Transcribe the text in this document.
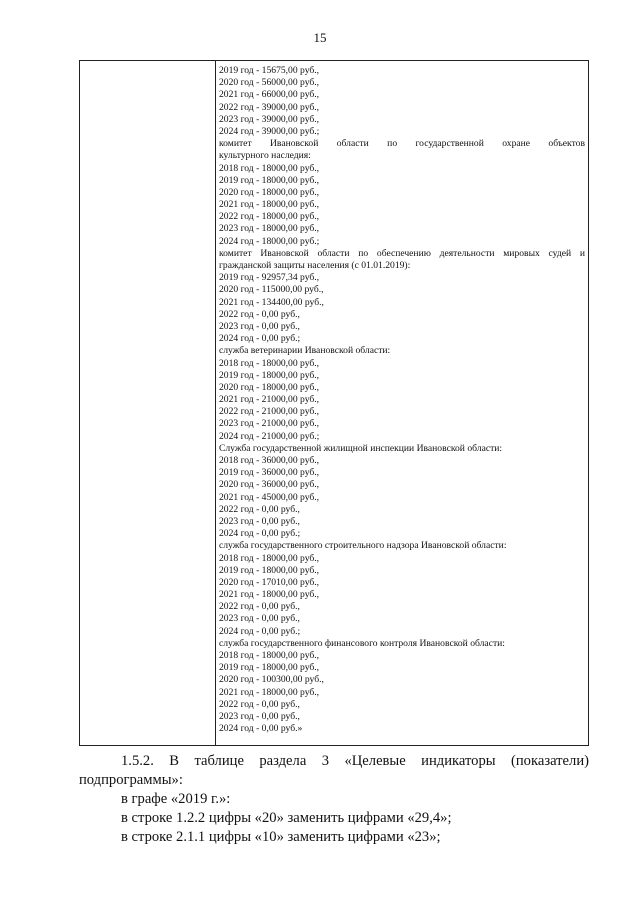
15
2019 год - 15675,00 руб.,
2020 год - 56000,00 руб.,
2021 год - 66000,00 руб.,
2022 год - 39000,00 руб.,
2023 год - 39000,00 руб.,
2024 год - 39000,00 руб.;
комитет Ивановской области по государственной охране объектов
культурного наследия:
2018 год - 18000,00 руб.,
2019 год - 18000,00 руб.,
2020 год - 18000,00 руб.,
2021 год - 18000,00 руб.,
2022 год - 18000,00 руб.,
2023 год - 18000,00 руб.,
2024 год - 18000,00 руб.;
комитет Ивановской области по обеспечению деятельности мировых судей и
гражданской защиты населения (с 01.01.2019):
2019 год - 92957,34 руб.,
2020 год - 115000,00 руб.,
2021 год - 134400,00 руб.,
2022 год - 0,00 руб.,
2023 год - 0,00 руб.,
2024 год - 0,00 руб.;
служба ветеринарии Ивановской области:
2018 год - 18000,00 руб.,
2019 год - 18000,00 руб.,
2020 год - 18000,00 руб.,
2021 год - 21000,00 руб.,
2022 год - 21000,00 руб.,
2023 год - 21000,00 руб.,
2024 год - 21000,00 руб.;
Служба государственной жилищной инспекции Ивановской области:
2018 год - 36000,00 руб.,
2019 год - 36000,00 руб.,
2020 год - 36000,00 руб.,
2021 год - 45000,00 руб.,
2022 год - 0,00 руб.,
2023 год - 0,00 руб.,
2024 год - 0,00 руб.;
служба государственного строительного надзора Ивановской области:
2018 год - 18000,00 руб.,
2019 год - 18000,00 руб.,
2020 год - 17010,00 руб.,
2021 год - 18000,00 руб.,
2022 год - 0,00 руб.,
2023 год - 0,00 руб.,
2024 год - 0,00 руб.;
служба государственного финансового контроля Ивановской области:
2018 год - 18000,00 руб.,
2019 год - 18000,00 руб.,
2020 год - 100300,00 руб.,
2021 год - 18000,00 руб.,
2022 год - 0,00 руб.,
2023 год - 0,00 руб.,
2024 год - 0,00 руб.»
1.5.2. В таблице раздела 3 «Целевые индикаторы (показатели)
подпрограммы»:
в графе «2019 г.»:
в строке 1.2.2 цифры «20» заменить цифрами «29,4»;
в строке 2.1.1 цифры «10» заменить цифрами «23»;
